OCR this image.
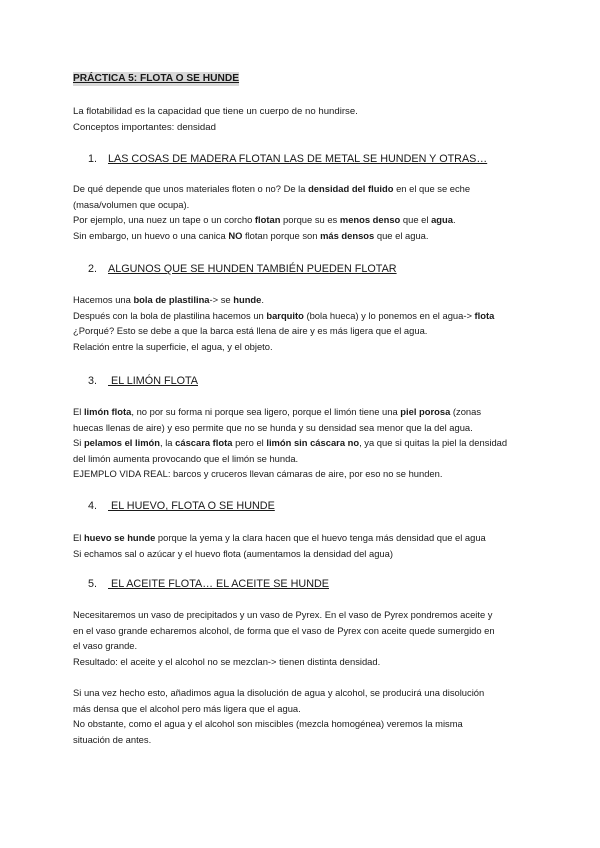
PRÁCTICA 5: FLOTA O SE HUNDE
La flotabilidad es la capacidad que tiene un cuerpo de no hundirse.
Conceptos importantes: densidad
1. LAS COSAS DE MADERA FLOTAN LAS DE METAL SE HUNDEN Y OTRAS…
De qué depende que unos materiales floten o no? De la densidad del fluido en el que se eche
(masa/volumen que ocupa).
Por ejemplo, una nuez un tape o un corcho flotan porque su es menos denso que el agua.
Sin embargo, un huevo o una canica NO flotan porque son más densos que el agua.
2. ALGUNOS QUE SE HUNDEN TAMBIÉN PUEDEN FLOTAR
Hacemos una bola de plastilina-> se hunde.
Después con la bola de plastilina hacemos un barquito (bola hueca) y lo ponemos en el agua-> flota
¿Porqué? Esto se debe a que la barca está llena de aire y es más ligera que el agua.
Relación entre la superficie, el agua, y el objeto.
3. EL LIMÓN FLOTA
El limón flota, no por su forma ni porque sea ligero, porque el limón tiene una piel porosa (zonas
huecas llenas de aire) y eso permite que no se hunda y su densidad sea menor que la del agua.
Si pelamos el limón, la cáscara flota pero el limón sin cáscara no, ya que si quitas la piel la densidad
del limón aumenta provocando que el limón se hunda.
EJEMPLO VIDA REAL: barcos y cruceros llevan cámaras de aire, por eso no se hunden.
4. EL HUEVO, FLOTA O SE HUNDE
El huevo se hunde porque la yema y la clara hacen que el huevo tenga más densidad que el agua
Si echamos sal o azúcar y el huevo flota (aumentamos la densidad del agua)
5. EL ACEITE FLOTA… EL ACEITE SE HUNDE
Necesitaremos un vaso de precipitados y un vaso de Pyrex. En el vaso de Pyrex pondremos aceite y
en el vaso grande echaremos alcohol, de forma que el vaso de Pyrex con aceite quede sumergido en
el vaso grande.
Resultado: el aceite y el alcohol no se mezclan-> tienen distinta densidad.

Si una vez hecho esto, añadimos agua la disolución de agua y alcohol, se producirá una disolución
más densa que el alcohol pero más ligera que el agua.
No obstante, como el agua y el alcohol son miscibles (mezcla homogénea) veremos la misma
situación de antes.
